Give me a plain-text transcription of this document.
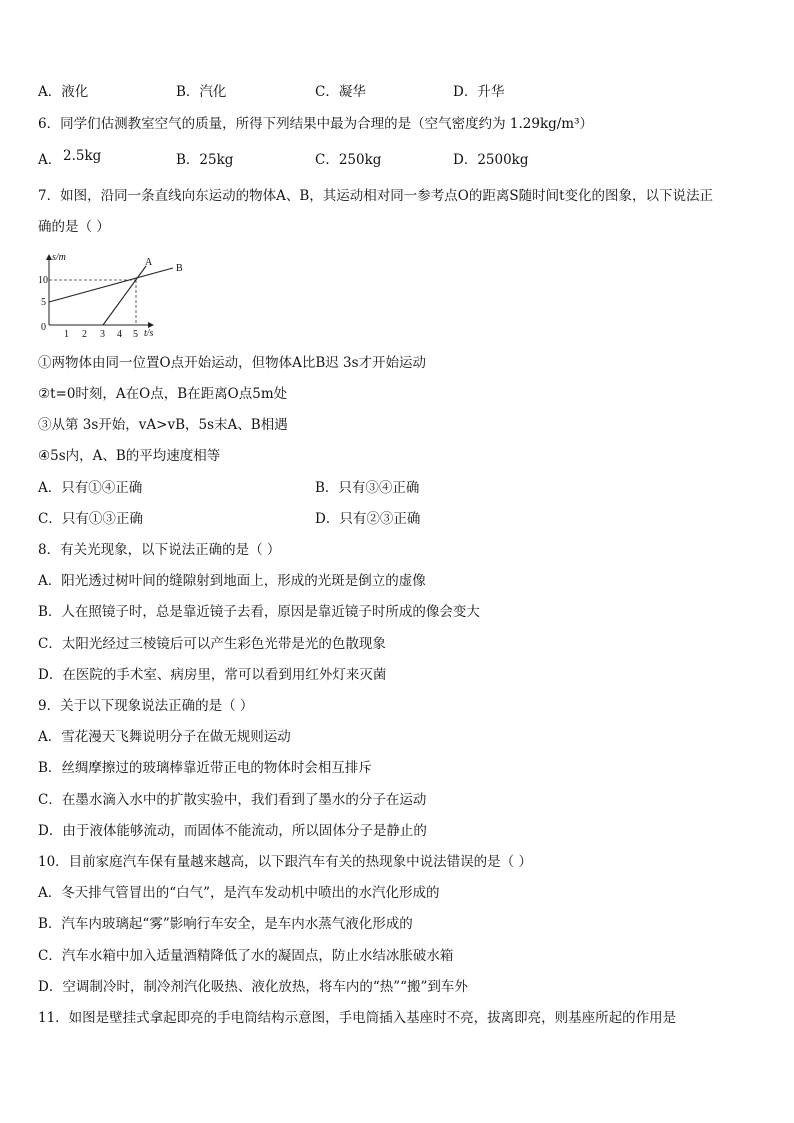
A．液化	B．汽化	C．凝华	D．升华
6．同学们估测教室空气的质量，所得下列结果中最为合理的是（空气密度约为 1.29kg/m³）
A． 2.5kg	B．25kg	C．250kg	D．2500kg
7．如图，沿同一条直线向东运动的物体A、B，其运动相对同一参考点O的距离S随时间t变化的图象，以下说法正
确的是（ ）
s/m
t/s
A
B
10
5
0
1 2 3 4 5
①两物体由同一位置O点开始运动，但物体A比B迟 3s才开始运动
②t=0时刻，A在O点，B在距离O点5m处
③从第 3s开始，vA>vB，5s末A、B相遇
④5s内，A、B的平均速度相等
A．只有①④正确	B．只有③④正确
C．只有①③正确	D．只有②③正确
8．有关光现象，以下说法正确的是（ ）
A．阳光透过树叶间的缝隙射到地面上，形成的光斑是倒立的虚像
B．人在照镜子时，总是靠近镜子去看，原因是靠近镜子时所成的像会变大
C．太阳光经过三棱镜后可以产生彩色光带是光的色散现象
D．在医院的手术室、病房里，常可以看到用红外灯来灭菌
9．关于以下现象说法正确的是（ ）
A．雪花漫天飞舞说明分子在做无规则运动
B．丝绸摩擦过的玻璃棒靠近带正电的物体时会相互排斥
C．在墨水滴入水中的扩散实验中，我们看到了墨水的分子在运动
D．由于液体能够流动，而固体不能流动，所以固体分子是静止的
10．目前家庭汽车保有量越来越高，以下跟汽车有关的热现象中说法错误的是（ ）
A．冬天排气管冒出的“白气”，是汽车发动机中喷出的水汽化形成的
B．汽车内玻璃起“雾”影响行车安全，是车内水蒸气液化形成的
C．汽车水箱中加入适量酒精降低了水的凝固点，防止水结冰胀破水箱
D．空调制冷时，制冷剂汽化吸热、液化放热，将车内的“热”“搬”到车外
11．如图是壁挂式拿起即亮的手电筒结构示意图，手电筒插入基座时不亮，拔离即亮，则基座所起的作用是
